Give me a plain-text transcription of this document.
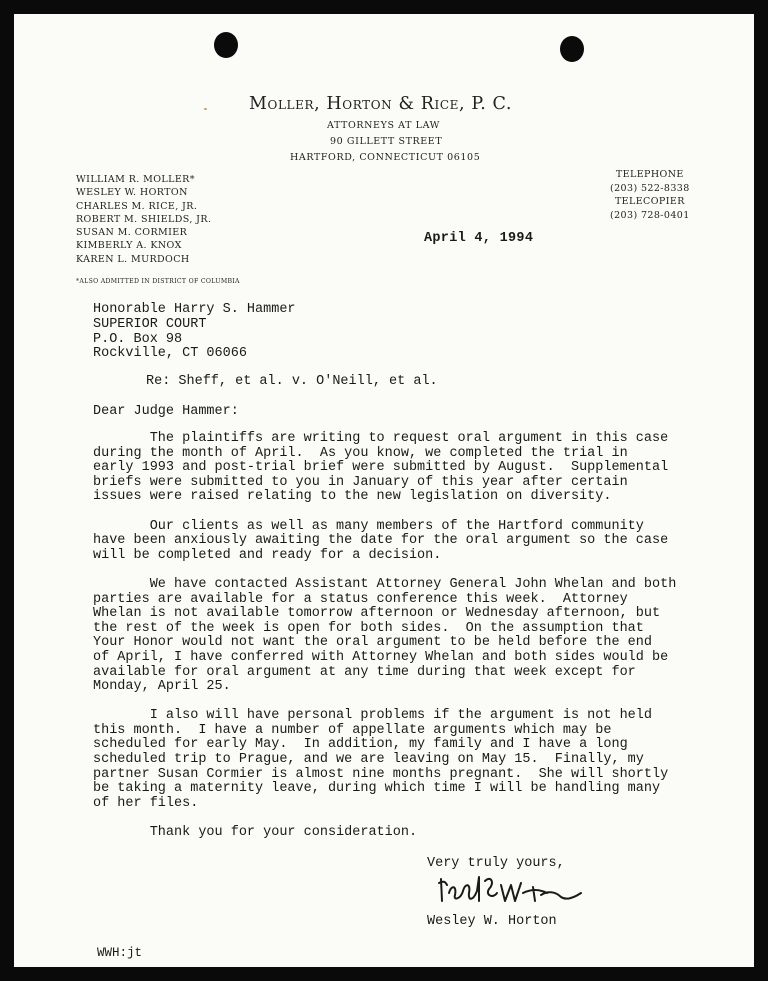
Moller, Horton & Rice, P. C.
ATTORNEYS AT LAW
90 GILLETT STREET
HARTFORD, CONNECTICUT 06105
WILLIAM R. MOLLER*
WESLEY W. HORTON
CHARLES M. RICE, JR.
ROBERT M. SHIELDS, JR.
SUSAN M. CORMIER
KIMBERLY A. KNOX
KAREN L. MURDOCH
*ALSO ADMITTED IN DISTRICT OF COLUMBIA
TELEPHONE
(203) 522-8338
TELECOPIER
(203) 728-0401
April 4, 1994
Honorable Harry S. Hammer
SUPERIOR COURT
P.O. Box 98
Rockville, CT 06066
Re: Sheff, et al. v. O'Neill, et al.
Dear Judge Hammer:

The plaintiffs are writing to request oral argument in this case
during the month of April.  As you know, we completed the trial in
early 1993 and post-trial brief were submitted by August.  Supplemental
briefs were submitted to you in January of this year after certain
issues were raised relating to the new legislation on diversity.

Our clients as well as many members of the Hartford community
have been anxiously awaiting the date for the oral argument so the case
will be completed and ready for a decision.

We have contacted Assistant Attorney General John Whelan and both
parties are available for a status conference this week.  Attorney
Whelan is not available tomorrow afternoon or Wednesday afternoon, but
the rest of the week is open for both sides.  On the assumption that
Your Honor would not want the oral argument to be held before the end
of April, I have conferred with Attorney Whelan and both sides would be
available for oral argument at any time during that week except for
Monday, April 25.

I also will have personal problems if the argument is not held
this month.  I have a number of appellate arguments which may be
scheduled for early May.  In addition, my family and I have a long
scheduled trip to Prague, and we are leaving on May 15.  Finally, my
partner Susan Cormier is almost nine months pregnant.  She will shortly
be taking a maternity leave, during which time I will be handling many
of her files.

Thank you for your consideration.

Very truly yours,
Wesley W. Horton
WWH:jt
